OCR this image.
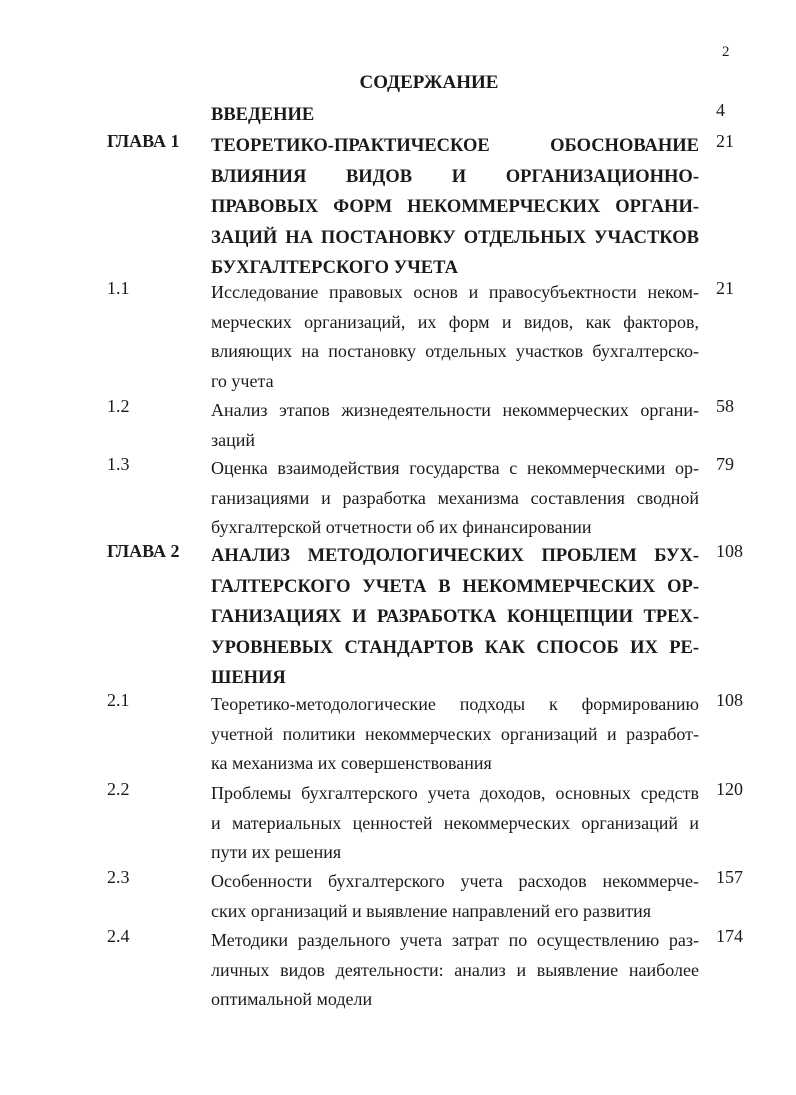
2
СОДЕРЖАНИЕ
ВВЕДЕНИЕ	4
ГЛАВА 1 ТЕОРЕТИКО-ПРАКТИЧЕСКОЕ ОБОСНОВАНИЕ
ВЛИЯНИЯ ВИДОВ И ОРГАНИЗАЦИОННО-
ПРАВОВЫХ ФОРМ НЕКОММЕРЧЕСКИХ ОРГАНИ-
ЗАЦИЙ НА ПОСТАНОВКУ ОТДЕЛЬНЫХ УЧАСТКОВ
БУХГАЛТЕРСКОГО УЧЕТА
21
1.1	Исследование правовых основ и правосубъектности неком-
мерческих организаций, их форм и видов, как факторов,
влияющих на постановку отдельных участков бухгалтерско-
го учета
21
1.2	Анализ этапов жизнедеятельности некоммерческих органи-
заций
58
1.3	Оценка взаимодействия государства с некоммерческими ор-
ганизациями и разработка механизма составления сводной
бухгалтерской отчетности об их финансировании
79
ГЛАВА 2 АНАЛИЗ МЕТОДОЛОГИЧЕСКИХ ПРОБЛЕМ БУХ-
ГАЛТЕРСКОГО УЧЕТА В НЕКОММЕРЧЕСКИХ ОР-
ГАНИЗАЦИЯХ И РАЗРАБОТКА КОНЦЕПЦИИ ТРЕХ-
УРОВНЕВЫХ СТАНДАРТОВ КАК СПОСОБ ИХ РЕ-
ШЕНИЯ
108
2.1	Теоретико-методологические подходы к формированию
учетной политики некоммерческих организаций и разработ-
ка механизма их совершенствования
108
2.2	Проблемы бухгалтерского учета доходов, основных средств
и материальных ценностей некоммерческих организаций и
пути их решения
120
2.3	Особенности бухгалтерского учета расходов некоммерче-
ских организаций и выявление направлений его развития
157
2.4	Методики раздельного учета затрат по осуществлению раз-
личных видов деятельности: анализ и выявление наиболее
оптимальной модели
174
